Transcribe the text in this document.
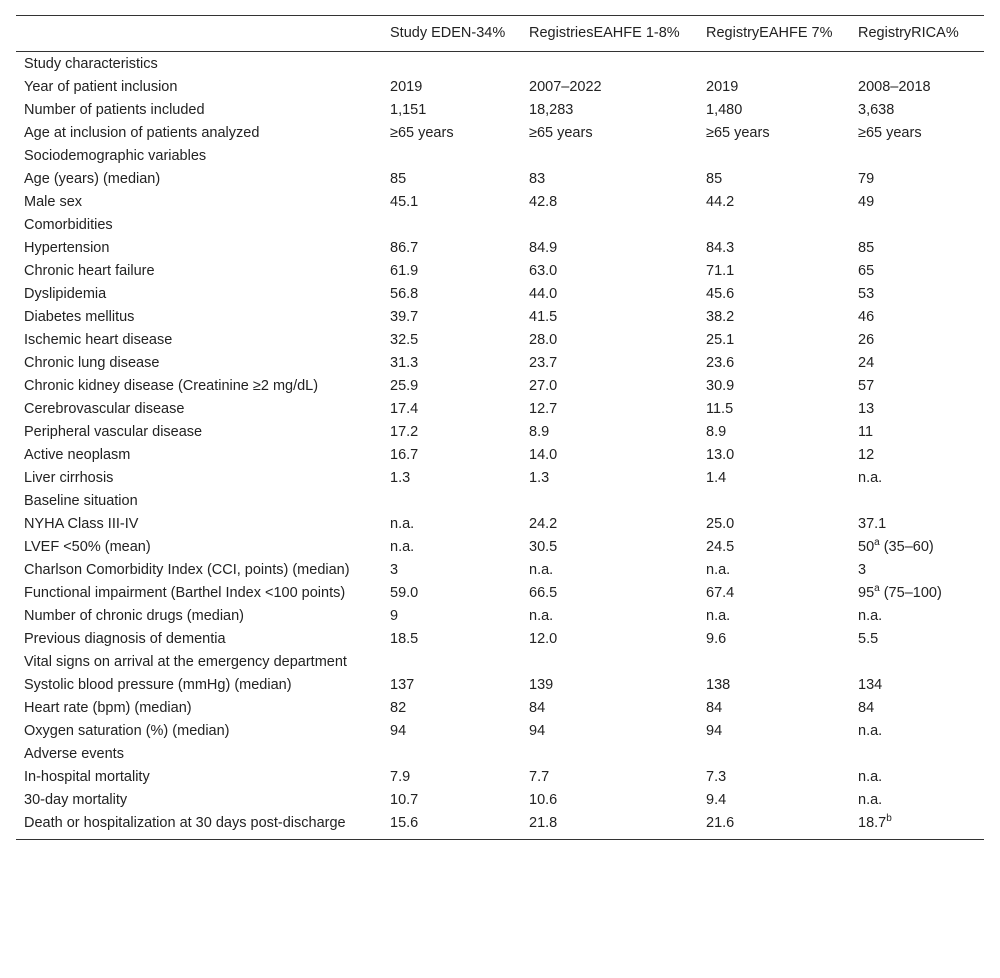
	Study EDEN-34%	RegistriesEAHFE 1-8%	RegistryEAHFE 7%	RegistryRICA%
Study characteristics				
Year of patient inclusion	2019	2007–2022	2019	2008–2018
Number of patients included	1,151	18,283	1,480	3,638
Age at inclusion of patients analyzed	≥65 years	≥65 years	≥65 years	≥65 years
Sociodemographic variables				
Age (years) (median)	85	83	85	79
Male sex	45.1	42.8	44.2	49
Comorbidities				
Hypertension	86.7	84.9	84.3	85
Chronic heart failure	61.9	63.0	71.1	65
Dyslipidemia	56.8	44.0	45.6	53
Diabetes mellitus	39.7	41.5	38.2	46
Ischemic heart disease	32.5	28.0	25.1	26
Chronic lung disease	31.3	23.7	23.6	24
Chronic kidney disease (Creatinine ≥2 mg/dL)	25.9	27.0	30.9	57
Cerebrovascular disease	17.4	12.7	11.5	13
Peripheral vascular disease	17.2	8.9	8.9	11
Active neoplasm	16.7	14.0	13.0	12
Liver cirrhosis	1.3	1.3	1.4	n.a.
Baseline situation				
NYHA Class III-IV	n.a.	24.2	25.0	37.1
LVEF <50% (mean)	n.a.	30.5	24.5	50$^a$ (35–60)
Charlson Comorbidity Index (CCI, points) (median)	3	n.a.	n.a.	3
Functional impairment (Barthel Index <100 points)	59.0	66.5	67.4	95$^a$ (75–100)
Number of chronic drugs (median)	9	n.a.	n.a.	n.a.
Previous diagnosis of dementia	18.5	12.0	9.6	5.5
Vital signs on arrival at the emergency department				
Systolic blood pressure (mmHg) (median)	137	139	138	134
Heart rate (bpm) (median)	82	84	84	84
Oxygen saturation (%) (median)	94	94	94	n.a.
Adverse events				
In-hospital mortality	7.9	7.7	7.3	n.a.
30-day mortality	10.7	10.6	9.4	n.a.
Death or hospitalization at 30 days post-discharge	15.6	21.8	21.6	18.7$^b$
